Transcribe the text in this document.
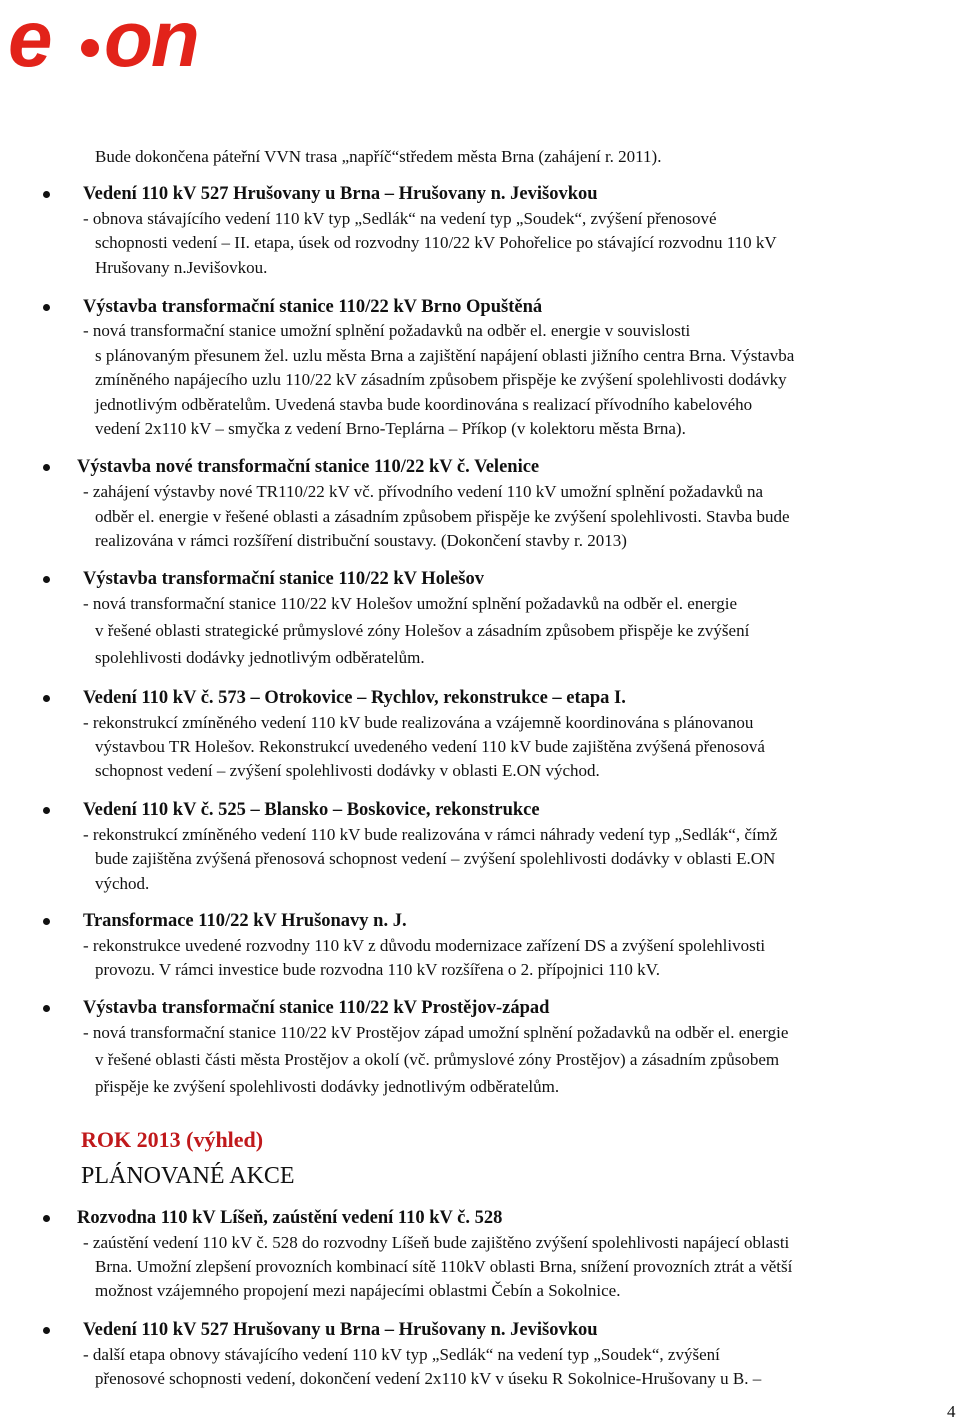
e on
Bude dokončena páteřní VVN trasa „napříč“středem města Brna (zahájení r. 2011).
Vedení 110 kV 527 Hrušovany u Brna – Hrušovany n. Jevišovkou
- obnova stávajícího vedení 110 kV typ „Sedlák“ na vedení typ „Soudek“, zvýšení přenosové
schopnosti vedení – II. etapa, úsek od rozvodny 110/22 kV Pohořelice po stávající rozvodnu 110 kV
Hrušovany n.Jevišovkou.
Výstavba transformační stanice 110/22 kV Brno Opuštěná
- nová transformační stanice umožní splnění požadavků na odběr el. energie v souvislosti
s plánovaným přesunem žel. uzlu města Brna a zajištění napájení oblasti jižního centra Brna. Výstavba
zmíněného napájecího uzlu 110/22 kV zásadním způsobem přispěje ke zvýšení spolehlivosti dodávky
jednotlivým odběratelům. Uvedená stavba bude koordinována s realizací přívodního kabelového
vedení 2x110 kV – smyčka z vedení Brno-Teplárna – Příkop (v kolektoru města Brna).
Výstavba nové transformační stanice 110/22 kV č. Velenice
- zahájení výstavby nové TR110/22 kV vč. přívodního vedení 110 kV umožní splnění požadavků na
odběr el. energie v řešené oblasti a zásadním způsobem přispěje ke zvýšení spolehlivosti. Stavba bude
realizována v rámci rozšíření distribuční soustavy. (Dokončení stavby r. 2013)
Výstavba transformační stanice 110/22 kV Holešov
- nová transformační stanice 110/22 kV Holešov umožní splnění požadavků na odběr el. energie
v řešené oblasti strategické průmyslové zóny Holešov a zásadním způsobem přispěje ke zvýšení
spolehlivosti dodávky jednotlivým odběratelům.
Vedení 110 kV č. 573 – Otrokovice – Rychlov, rekonstrukce – etapa I.
- rekonstrukcí zmíněného vedení 110 kV bude realizována a vzájemně koordinována s plánovanou
výstavbou TR Holešov. Rekonstrukcí uvedeného vedení 110 kV bude zajištěna zvýšená přenosová
schopnost vedení – zvýšení spolehlivosti dodávky v oblasti E.ON východ.
Vedení 110 kV č. 525 – Blansko – Boskovice, rekonstrukce
- rekonstrukcí zmíněného vedení 110 kV bude realizována v rámci náhrady vedení typ „Sedlák“, čímž
bude zajištěna zvýšená přenosová schopnost vedení – zvýšení spolehlivosti dodávky v oblasti E.ON
východ.
Transformace 110/22 kV Hrušonavy n. J.
- rekonstrukce uvedené rozvodny 110 kV z důvodu modernizace zařízení DS a zvýšení spolehlivosti
provozu. V rámci investice bude rozvodna 110 kV rozšířena o 2. přípojnici 110 kV.
Výstavba transformační stanice 110/22 kV Prostějov-západ
- nová transformační stanice 110/22 kV Prostějov západ umožní splnění požadavků na odběr el. energie
v řešené oblasti části města Prostějov a okolí (vč. průmyslové zóny Prostějov) a zásadním způsobem
přispěje ke zvýšení spolehlivosti dodávky jednotlivým odběratelům.
ROK 2013 (výhled)
PLÁNOVANÉ AKCE
Rozvodna 110 kV Líšeň, zaústění vedení 110 kV č. 528
- zaústění vedení 110 kV č. 528 do rozvodny Líšeň bude zajištěno zvýšení spolehlivosti napájecí oblasti
Brna. Umožní zlepšení provozních kombinací sítě 110kV oblasti Brna, snížení provozních ztrát a větší
možnost vzájemného propojení mezi napájecími oblastmi Čebín a Sokolnice.
Vedení 110 kV 527 Hrušovany u Brna – Hrušovany n. Jevišovkou
- další etapa obnovy stávajícího vedení 110 kV typ „Sedlák“ na vedení typ „Soudek“, zvýšení
přenosové schopnosti vedení, dokončení vedení 2x110 kV v úseku R Sokolnice-Hrušovany u B. –
4
